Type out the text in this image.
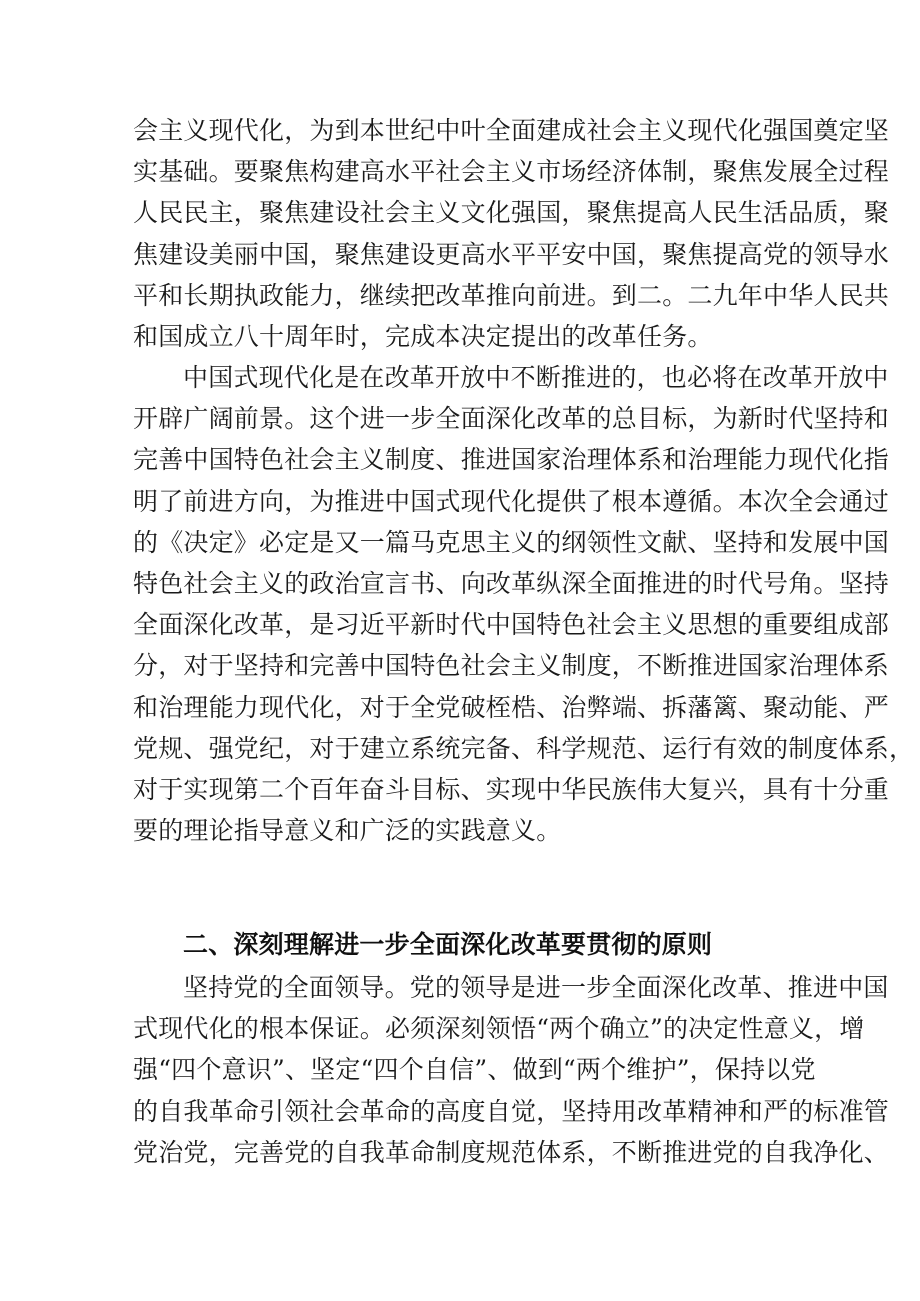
会主义现代化，为到本世纪中叶全面建成社会主义现代化强国奠定坚
实基础。要聚焦构建高水平社会主义市场经济体制，聚焦发展全过程
人民民主，聚焦建设社会主义文化强国，聚焦提高人民生活品质，聚
焦建设美丽中国，聚焦建设更高水平平安中国，聚焦提高党的领导水
平和长期执政能力，继续把改革推向前进。到二。二九年中华人民共
和国成立八十周年时，完成本决定提出的改革任务。
中国式现代化是在改革开放中不断推进的，也必将在改革开放中
开辟广阔前景。这个进一步全面深化改革的总目标，为新时代坚持和
完善中国特色社会主义制度、推进国家治理体系和治理能力现代化指
明了前进方向，为推进中国式现代化提供了根本遵循。本次全会通过
的《决定》必定是又一篇马克思主义的纲领性文献、坚持和发展中国
特色社会主义的政治宣言书、向改革纵深全面推进的时代号角。坚持
全面深化改革，是习近平新时代中国特色社会主义思想的重要组成部
分，对于坚持和完善中国特色社会主义制度，不断推进国家治理体系
和治理能力现代化，对于全党破桎梏、治弊端、拆藩篱、聚动能、严
党规、强党纪，对于建立系统完备、科学规范、运行有效的制度体系，
对于实现第二个百年奋斗目标、实现中华民族伟大复兴，具有十分重
要的理论指导意义和广泛的实践意义。
二、深刻理解进一步全面深化改革要贯彻的原则
坚持党的全面领导。党的领导是进一步全面深化改革、推进中国
式现代化的根本保证。必须深刻领悟“两个确立”的决定性意义，增
强“四个意识”、坚定“四个自信”、做到“两个维护”，保持以党
的自我革命引领社会革命的高度自觉，坚持用改革精神和严的标准管
党治党，完善党的自我革命制度规范体系，不断推进党的自我净化、
